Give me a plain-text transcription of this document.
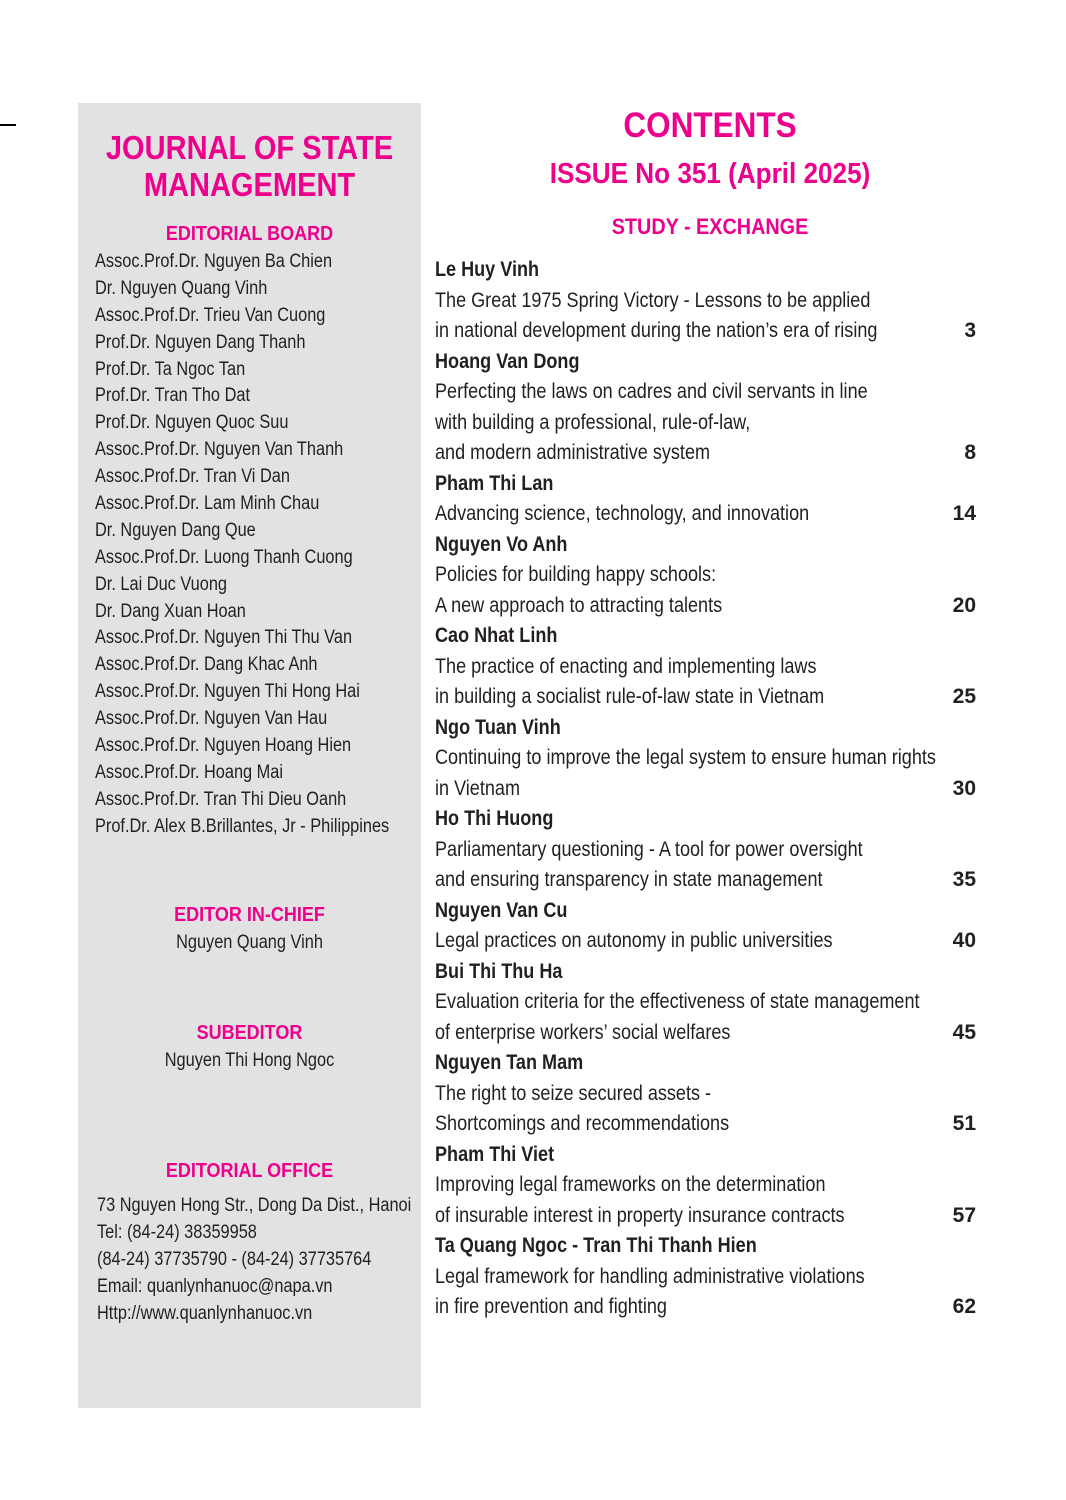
JOURNAL OF STATE
MANAGEMENT
EDITORIAL BOARD
Assoc.Prof.Dr. Nguyen Ba Chien
Dr. Nguyen Quang Vinh
Assoc.Prof.Dr. Trieu Van Cuong
Prof.Dr. Nguyen Dang Thanh
Prof.Dr. Ta Ngoc Tan
Prof.Dr. Tran Tho Dat
Prof.Dr. Nguyen Quoc Suu
Assoc.Prof.Dr. Nguyen Van Thanh
Assoc.Prof.Dr. Tran Vi Dan
Assoc.Prof.Dr. Lam Minh Chau
Dr. Nguyen Dang Que
Assoc.Prof.Dr. Luong Thanh Cuong
Dr. Lai Duc Vuong
Dr. Dang Xuan Hoan
Assoc.Prof.Dr. Nguyen Thi Thu Van
Assoc.Prof.Dr. Dang Khac Anh
Assoc.Prof.Dr. Nguyen Thi Hong Hai
Assoc.Prof.Dr. Nguyen Van Hau
Assoc.Prof.Dr. Nguyen Hoang Hien
Assoc.Prof.Dr. Hoang Mai
Assoc.Prof.Dr. Tran Thi Dieu Oanh
Prof.Dr. Alex B.Brillantes, Jr - Philippines
EDITOR IN-CHIEF
Nguyen Quang Vinh
SUBEDITOR
Nguyen Thi Hong Ngoc
EDITORIAL OFFICE
73 Nguyen Hong Str., Dong Da Dist., Hanoi
Tel: (84-24) 38359958
(84-24) 37735790 - (84-24) 37735764
Email: quanlynhanuoc@napa.vn
Http://www.quanlynhanuoc.vn
CONTENTS
ISSUE No 351 (April 2025)
STUDY - EXCHANGE
Le Huy Vinh
The Great 1975 Spring Victory - Lessons to be applied
in national development during the nation’s era of rising	3
Hoang Van Dong
Perfecting the laws on cadres and civil servants in line
with building a professional, rule-of-law,
and modern administrative system	8
Pham Thi Lan
Advancing science, technology, and innovation	14
Nguyen Vo Anh
Policies for building happy schools:
A new approach to attracting talents	20
Cao Nhat Linh
The practice of enacting and implementing laws
in building a socialist rule-of-law state in Vietnam	25
Ngo Tuan Vinh
Continuing to improve the legal system to ensure human rights
in Vietnam	30
Ho Thi Huong
Parliamentary questioning - A tool for power oversight
and ensuring transparency in state management	35
Nguyen Van Cu
Legal practices on autonomy in public universities	40
Bui Thi Thu Ha
Evaluation criteria for the effectiveness of state management
of enterprise workers’ social welfares	45
Nguyen Tan Mam
The right to seize secured assets -
Shortcomings and recommendations	51
Pham Thi Viet
Improving legal frameworks on the determination
of insurable interest in property insurance contracts	57
Ta Quang Ngoc - Tran Thi Thanh Hien
Legal framework for handling administrative violations
in fire prevention and fighting	62
